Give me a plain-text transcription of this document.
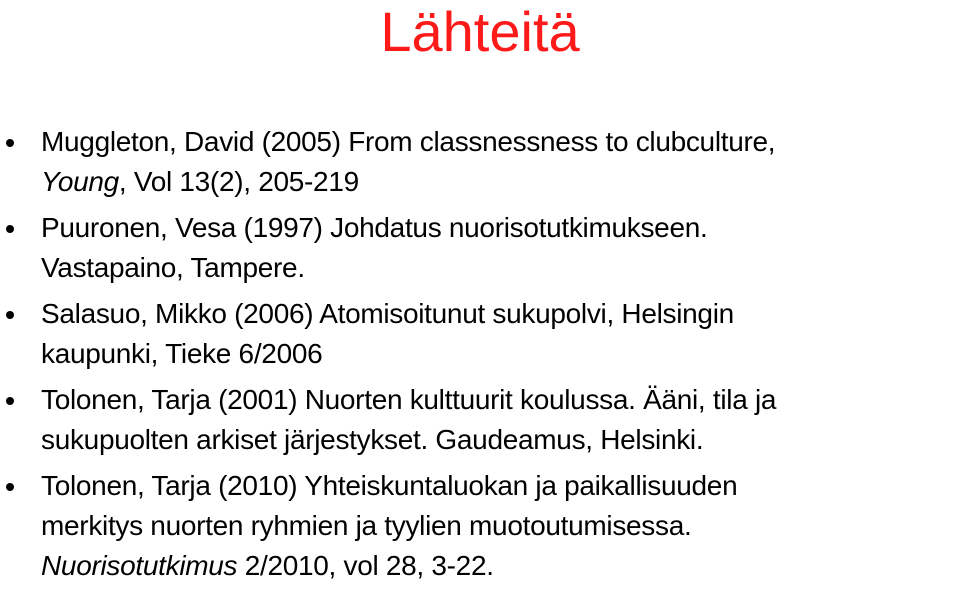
Lähteitä
Muggleton, David (2005) From classnessness to clubculture,
Young, Vol 13(2), 205-219
Puuronen, Vesa (1997) Johdatus nuorisotutkimukseen.
Vastapaino, Tampere.
Salasuo, Mikko (2006) Atomisoitunut sukupolvi, Helsingin
kaupunki, Tieke 6/2006
Tolonen, Tarja (2001) Nuorten kulttuurit koulussa. Ääni, tila ja
sukupuolten arkiset järjestykset. Gaudeamus, Helsinki.
Tolonen, Tarja (2010) Yhteiskuntaluokan ja paikallisuuden
merkitys nuorten ryhmien ja tyylien muotoutumisessa.
Nuorisotutkimus 2/2010, vol 28, 3-22.
